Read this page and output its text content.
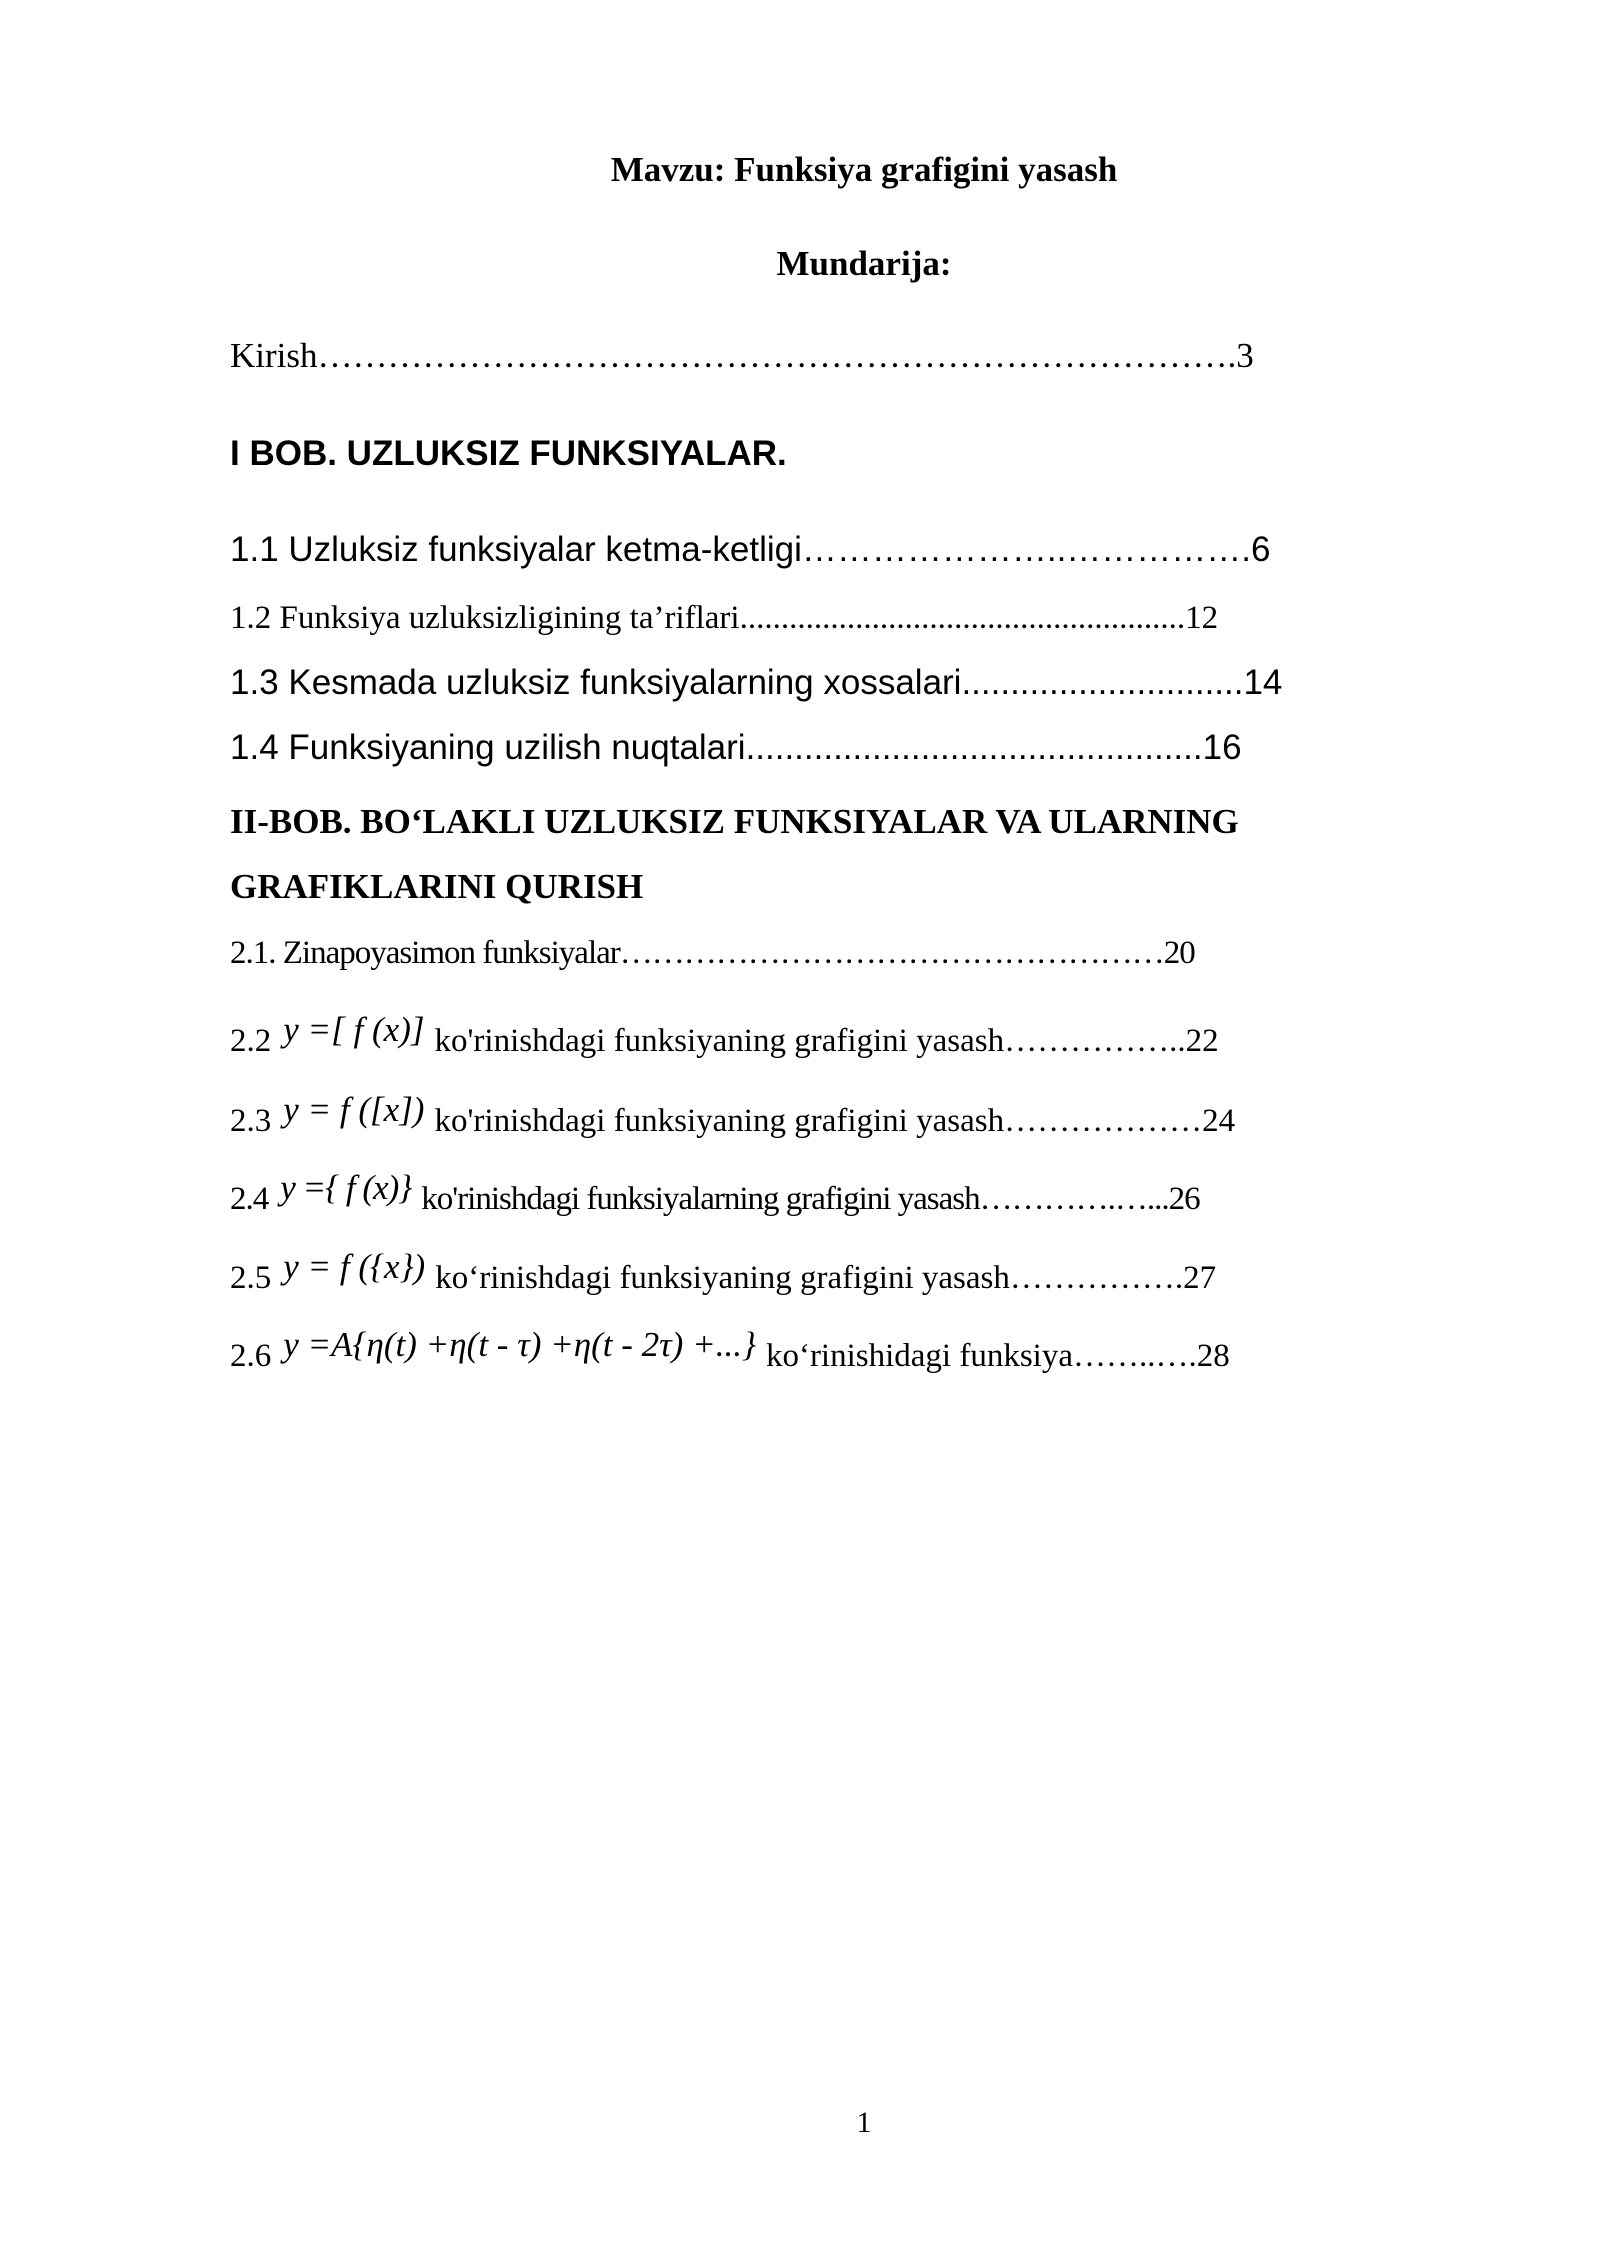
Mavzu: Funksiya grafigini yasash
Mundarija:
Kirish…………………………………………………………………….3
I BOB. UZLUKSIZ FUNKSIYALAR.
1.1 Uzluksiz funksiyalar ketma-ketligi…………………..…………….6
1.2 Funksiya uzluksizligining ta’riflari......................................................12
1.3 Kesmada uzluksiz funksiyalarning xossalari.............................14
1.4 Funksiyaning uzilish nuqtalari...............................................16
II-BOB. BO‘LAKLI UZLUKSIZ FUNKSIYALAR VA ULARNING
GRAFIKLARINI QURISH
2.1. Zinapoyasimon funksiyalar……………………………………………20
2.2 y =[ f (x)] ko'rinishdagi funksiyaning grafigini yasash……………..22
2.3 y = f ([x]) ko'rinishdagi funksiyaning grafigini yasash………………24
2.4 y ={ f (x)} ko'rinishdagi funksiyalarning grafigini yasash………….…...26
2.5 y = f ({x}) ko‘rinishdagi funksiyaning grafigini yasash…………….27
2.6 y =A{η(t) +η(t - τ) +η(t - 2τ) +...} ko‘rinishidagi funksiya……..….28
1
